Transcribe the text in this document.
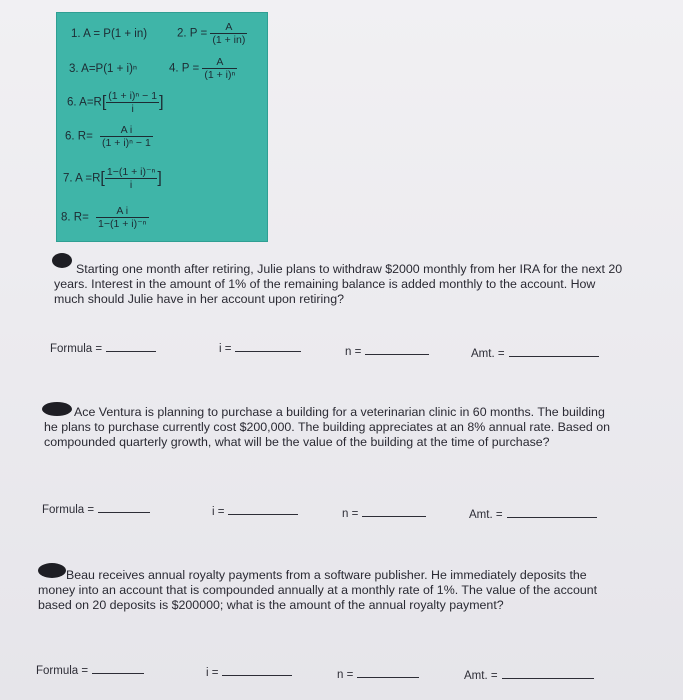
1. A = P(1 + in)	2. $P = \frac{A}{(1 + in)}$
3. A=P(1 + i)ⁿ	4. $P = \frac{A}{\text{(1 + i)ⁿ}}$
6. $A=R[ \frac{\text{(1 + i)ⁿ − 1}}{i}$ ]
6. $R= \frac{\text{A i}}{\text{(1 + i)ⁿ − 1}}$
7. $A =R[ \frac{\text{1−(1 + i)⁻ⁿ}}{i}$ ]
8. $R= \frac{\text{A i}}{\text{1−(1 + i)⁻ⁿ}}$
Starting one month after retiring, Julie plans to withdraw $2000 monthly from her IRA for the next 20 years. Interest in the amount of 1% of the remaining balance is added monthly to the account. How much should Julie have in her account upon retiring?
Formula =	i =	n =	Amt. =
Ace Ventura is planning to purchase a building for a veterinarian clinic in 60 months. The building he plans to purchase currently cost $200,000. The building appreciates at an 8% annual rate. Based on compounded quarterly growth, what will be the value of the building at the time of purchase?
Formula =	i =	n =	Amt. =
Beau receives annual royalty payments from a software publisher. He immediately deposits the money into an account that is compounded annually at a monthly rate of 1%. The value of the account based on 20 deposits is $200000; what is the amount of the annual royalty payment?
Formula =	i =	n =	Amt. =
